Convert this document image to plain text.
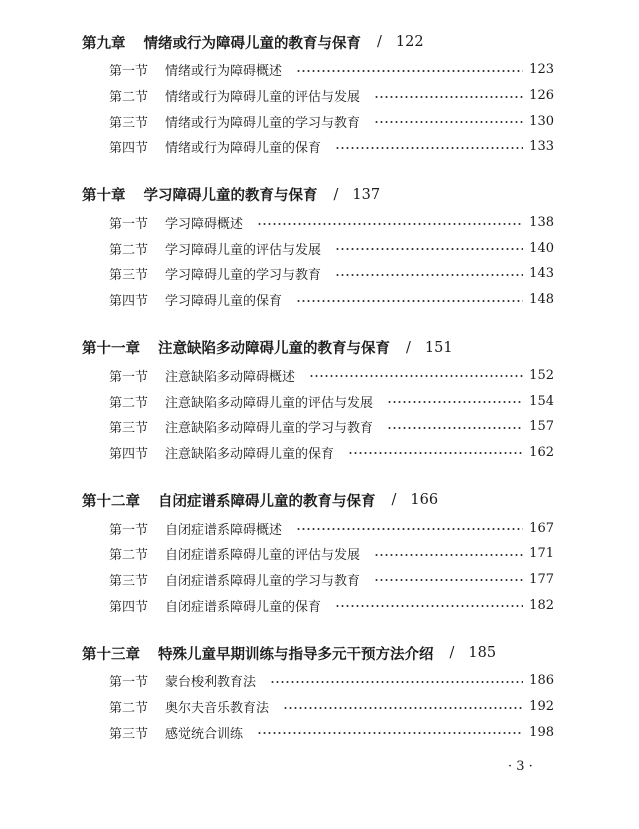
第九章 情绪或行为障碍儿童的教育与保育 / 122
第一节	情绪或行为障碍概述	123
第二节	情绪或行为障碍儿童的评估与发展	126
第三节	情绪或行为障碍儿童的学习与教育	130
第四节	情绪或行为障碍儿童的保育	133
第十章 学习障碍儿童的教育与保育 / 137
第一节	学习障碍概述	138
第二节	学习障碍儿童的评估与发展	140
第三节	学习障碍儿童的学习与教育	143
第四节	学习障碍儿童的保育	148
第十一章 注意缺陷多动障碍儿童的教育与保育 / 151
第一节	注意缺陷多动障碍概述	152
第二节	注意缺陷多动障碍儿童的评估与发展	154
第三节	注意缺陷多动障碍儿童的学习与教育	157
第四节	注意缺陷多动障碍儿童的保育	162
第十二章 自闭症谱系障碍儿童的教育与保育 / 166
第一节	自闭症谱系障碍概述	167
第二节	自闭症谱系障碍儿童的评估与发展	171
第三节	自闭症谱系障碍儿童的学习与教育	177
第四节	自闭症谱系障碍儿童的保育	182
第十三章 特殊儿童早期训练与指导多元干预方法介绍 / 185
第一节	蒙台梭利教育法	186
第二节	奥尔夫音乐教育法	192
第三节	感觉统合训练	198
· 3 ·
